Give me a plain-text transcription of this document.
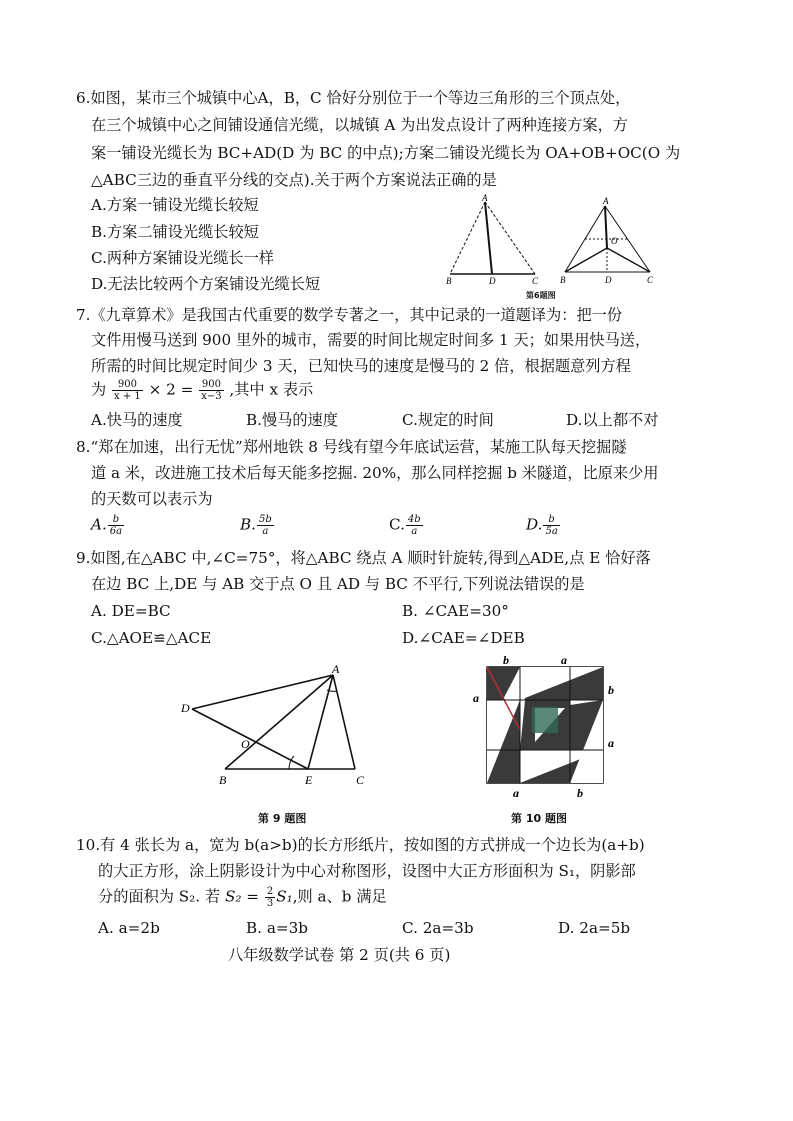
6.如图，某市三个城镇中心A，B，C 恰好分别位于一个等边三角形的三个顶点处，
在三个城镇中心之间铺设通信光缆，以城镇 A 为出发点设计了两种连接方案，方
案一铺设光缆长为 BC+AD(D 为 BC 的中点);方案二铺设光缆长为 OA+OB+OC(O 为
△ABC三边的垂直平分线的交点).关于两个方案说法正确的是
A.方案一铺设光缆长较短
B.方案二铺设光缆长较短
C.两种方案铺设光缆长一样
D.无法比较两个方案铺设光缆长短
A
B	D	C
A
B	D	C
O
第6题图
7.《九章算术》是我国古代重要的数学专著之一，其中记录的一道题译为：把一份
文件用慢马送到 900 里外的城市，需要的时间比规定时间多 1 天；如果用快马送，
所需的时间比规定时间少 3 天，已知快马的速度是慢马的 2 倍，根据题意列方程
为 $\frac{900}{x + 1} \times 2 = \frac{900}{x-3}$ ,其中 x 表示
A.快马的速度	B.慢马的速度	C.规定的时间	D.以上都不对
8.“郑在加速，出行无忧”郑州地铁 8 号线有望今年底试运营，某施工队每天挖掘隧
道 a 米，改进施工技术后每天能多挖掘. 20%，那么同样挖掘 b 米隧道，比原来少用
的天数可以表示为
A. $\frac{b}{6a}$	B. $\frac{5b}{a}$	C. $\frac{4b}{a}$	D. $\frac{b}{5a}$
9.如图,在△ABC 中,∠C=75°，将△ABC 绕点 A 顺时针旋转,得到△ADE,点 E 恰好落
在边 BC 上,DE 与 AB 交于点 O 且 AD 与 BC 不平行,下列说法错误的是
A. DE=BC	B. ∠CAE=30°
C.△AOE≌△ACE	D.∠CAE=∠DEB
A
D
O
B	E	C
第 9 题图
b	a
a
b
a
a	b
第 10 题图
10.有 4 张长为 a，宽为 b(a>b)的长方形纸片，按如图的方式拼成一个边长为(a+b)
的大正方形，涂上阴影设计为中心对称图形，设图中大正方形面积为 S₁，阴影部
分的面积为 S₂. 若 $S_2 = \frac{2}{3} S_1$,则 a、b 满足
A. a=2b	B. a=3b	C. 2a=3b	D. 2a=5b
八年级数学试卷 第 2 页(共 6 页)
